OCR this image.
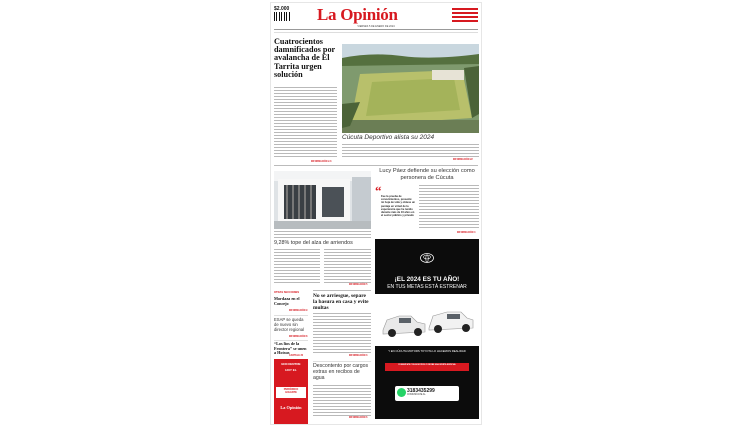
$2.000 La Opinión
VIERNES 5 DE ENERO DE 2024
Cuatrocientos damnificados por avalancha de El Tarrita urgen solución
INFORMACIÓN 2-3
Cúcuta Deportivo alista su 2024
INFORMACIÓN 22
9,28% tope del alza de arriendos
INFORMACIÓN 5
Lucy Páez defiende su elección como personera de Cúcuta
“ Fue la prueba de conocimientos, presenté mi hoja de vida y obtuve un puntaje en virtud de la experiencia que he tenido durante más de 16 años en el sector público y privado
INFORMACIÓN 4
¡EL 2024 ES TU AÑO!
EN TUS METAS ESTÁ ESTRENAR
Y EN CÚCUTA MOTORS TOYOTA LO HACEMOS REALIDAD
COMUNÍCATE CON NOSOTROS Y RECIBE UNA OFERTA ESPECIAL
3183435299
COMUNÍCATE AL
OTRAS SECCIONES
Mordaza en el Concejo
INFORMACIÓN 9
ESAP se queda de nuevo sin director regional
INFORMACIÓN 8
“Los líos de la Frontera” se unen a Hotsus
CARTELE 30
ENCUENTRE
HOY EL
PERIÓDICO
GIGANTE
La Opinión
No se arriesgue, separe la basura en casa y evite multas
INFORMACIÓN 3
Descontento por cargos extras en recibos de agua
INFORMACIÓN 6
